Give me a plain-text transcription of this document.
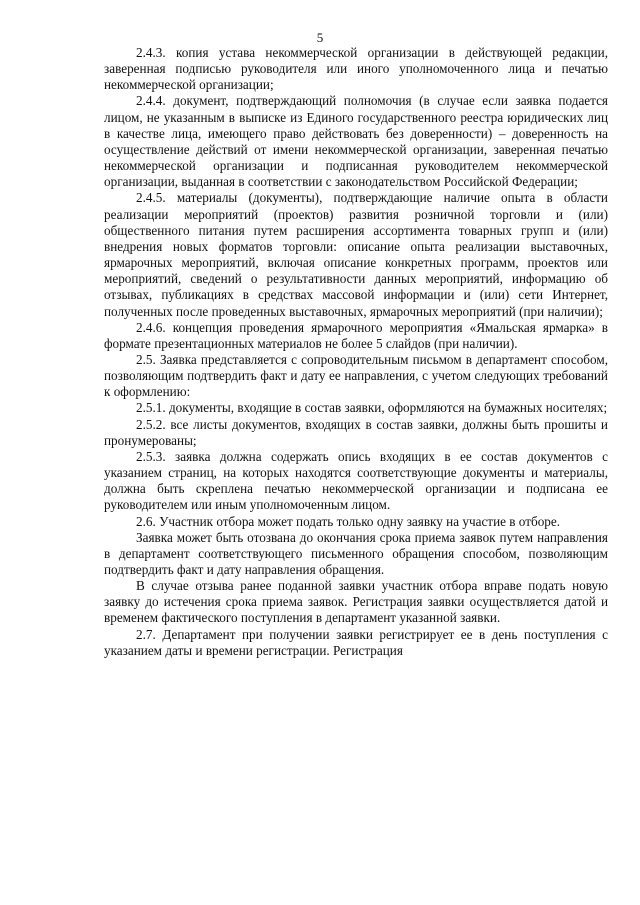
5

2.4.3. копия устава некоммерческой организации в действующей редакции, заверенная подписью руководителя или иного уполномоченного лица и печатью некоммерческой организации;

2.4.4. документ, подтверждающий полномочия (в случае если заявка подается лицом, не указанным в выписке из Единого государственного реестра юридических лиц в качестве лица, имеющего право действовать без доверенности) – доверенность на осуществление действий от имени некоммерческой организации, заверенная печатью некоммерческой организации и подписанная руководителем некоммерческой организации, выданная в соответствии с законодательством Российской Федерации;

2.4.5. материалы (документы), подтверждающие наличие опыта в области реализации мероприятий (проектов) развития розничной торговли и (или) общественного питания путем расширения ассортимента товарных групп и (или) внедрения новых форматов торговли: описание опыта реализации выставочных, ярмарочных мероприятий, включая описание конкретных программ, проектов или мероприятий, сведений о результативности данных мероприятий, информацию об отзывах, публикациях в средствах массовой информации и (или) сети Интернет, полученных после проведенных выставочных, ярмарочных мероприятий (при наличии);

2.4.6. концепция проведения ярмарочного мероприятия «Ямальская ярмарка» в формате презентационных материалов не более 5 слайдов (при наличии).

2.5. Заявка представляется с сопроводительным письмом в департамент способом, позволяющим подтвердить факт и дату ее направления, с учетом следующих требований к оформлению:

2.5.1. документы, входящие в состав заявки, оформляются на бумажных носителях;

2.5.2. все листы документов, входящих в состав заявки, должны быть прошиты и пронумерованы;

2.5.3. заявка должна содержать опись входящих в ее состав документов с указанием страниц, на которых находятся соответствующие документы и материалы, должна быть скреплена печатью некоммерческой организации и подписана ее руководителем или иным уполномоченным лицом.

2.6. Участник отбора может подать только одну заявку на участие в отборе.

Заявка может быть отозвана до окончания срока приема заявок путем направления в департамент соответствующего письменного обращения способом, позволяющим подтвердить факт и дату направления обращения.

В случае отзыва ранее поданной заявки участник отбора вправе подать новую заявку до истечения срока приема заявок. Регистрация заявки осуществляется датой и временем фактического поступления в департамент указанной заявки.

2.7. Департамент при получении заявки регистрирует ее в день поступления с указанием даты и времени регистрации. Регистрация
